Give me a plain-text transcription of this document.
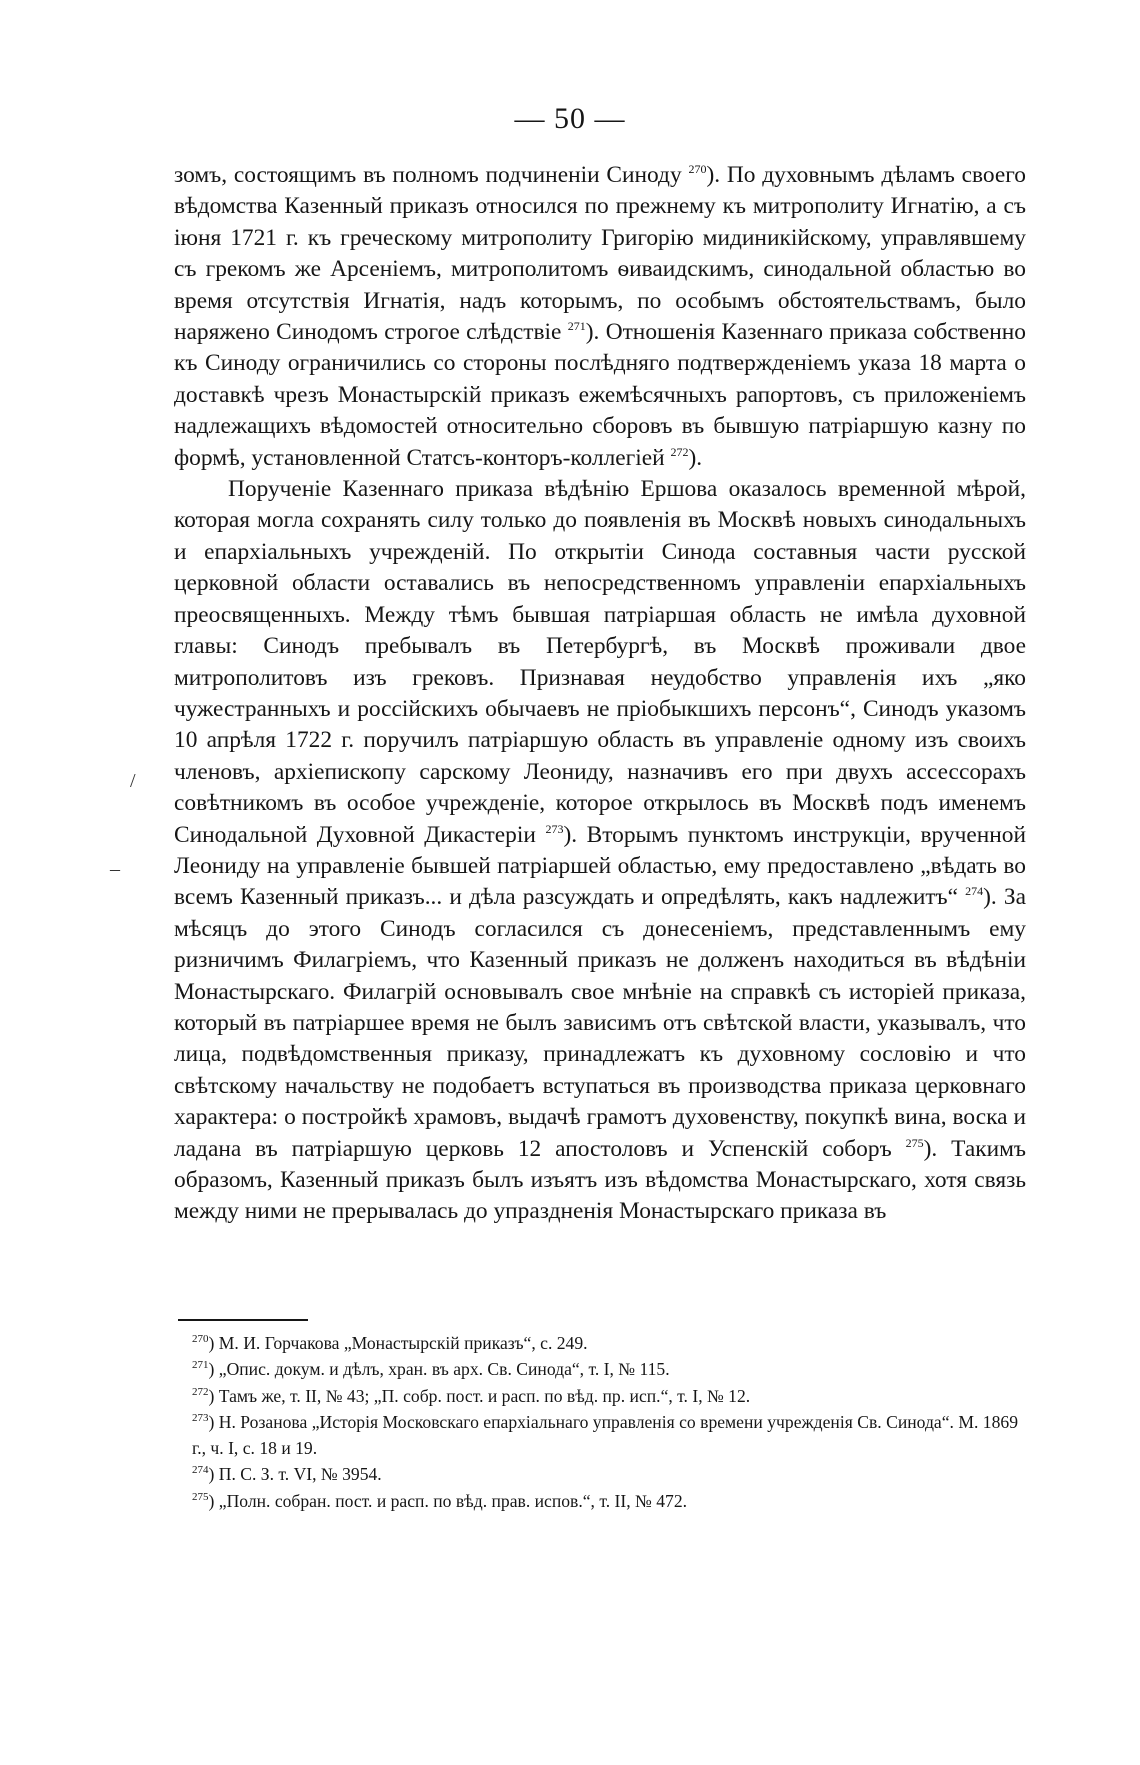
— 50 —

зомъ, состоящимъ въ полномъ подчиненіи Синоду $^{270}$). По духовнымъ дѣламъ своего вѣдомства Казенный приказъ относился по прежнему къ митрополиту Игнатію, а съ іюня 1721 г. къ греческому митрополиту Григорію мидиникійскому, управлявшему съ грекомъ же Арсеніемъ, митрополитомъ ѳиваидскимъ, синодальной областью во время отсутствія Игнатія, надъ которымъ, по особымъ обстоятельствамъ, было наряжено Синодомъ строгое слѣдствіе $^{271}$). Отношенія Казеннаго приказа собственно къ Синоду ограничились со стороны послѣдняго подтвержденіемъ указа 18 марта о доставкѣ чрезъ Монастырскій приказъ ежемѣсячныхъ рапортовъ, съ приложеніемъ надлежащихъ вѣдомостей относительно сборовъ въ бывшую патріаршую казну по формѣ, установленной Статсъ-конторъ-коллегіей $^{272}$).

Порученіе Казеннаго приказа вѣдѣнію Ершова оказалось временной мѣрой, которая могла сохранять силу только до появленія въ Москвѣ новыхъ синодальныхъ и епархіальныхъ учрежденій. По открытіи Синода составныя части русской церковной области оставались въ непосредственномъ управленіи епархіальныхъ преосвященныхъ. Между тѣмъ бывшая патріаршая область не имѣла духовной главы: Синодъ пребывалъ въ Петербургѣ, въ Москвѣ проживали двое митрополитовъ изъ грековъ. Признавая неудобство управленія ихъ „яко чужестранныхъ и россійскихъ обычаевъ не пріобыкшихъ персонъ“, Синодъ указомъ 10 апрѣля 1722 г. поручилъ патріаршую область въ управленіе одному изъ своихъ членовъ, архіепископу сарскому Леониду, назначивъ его при двухъ ассессорахъ совѣтникомъ въ особое учрежденіе, которое открылось въ Москвѣ подъ именемъ Синодальной Духовной Дикастеріи $^{273}$). Вторымъ пунктомъ инструкціи, врученной Леониду на управленіе бывшей патріаршей областью, ему предоставлено „вѣдать во всемъ Казенный приказъ... и дѣла разсуждать и опредѣлять, какъ надлежитъ“ $^{274}$). За мѣсяцъ до этого Синодъ согласился съ донесеніемъ, представленнымъ ему ризничимъ Филагріемъ, что Казенный приказъ не долженъ находиться въ вѣдѣніи Монастырскаго. Филагрій основывалъ свое мнѣніе на справкѣ съ исторіей приказа, который въ патріаршее время не былъ зависимъ отъ свѣтской власти, указывалъ, что лица, подвѣдомственныя приказу, принадлежатъ къ духовному сословію и что свѣтскому начальству не подобаетъ вступаться въ производства приказа церковнаго характера: о постройкѣ храмовъ, выдачѣ грамотъ духовенству, покупкѣ вина, воска и ладана въ патріаршую церковь 12 апостоловъ и Успенскій соборъ $^{275}$). Такимъ образомъ, Казенный приказъ былъ изъятъ изъ вѣдомства Монастырскаго, хотя связь между ними не прерывалась до упраздненія Монастырскаго приказа въ

/
–

$^{270}$) М. И. Горчакова „Монастырскій приказъ“, с. 249.

$^{271}$) „Опис. докум. и дѣлъ, хран. въ арх. Св. Синода“, т. I, № 115.

$^{272}$) Тамъ же, т. II, № 43; „П. собр. пост. и расп. по вѣд. пр. исп.“, т. I, № 12.

$^{273}$) Н. Розанова „Исторія Московскаго епархіальнаго управленія со времени учрежденія Св. Синода“. М. 1869 г., ч. I, с. 18 и 19.

$^{274}$) П. С. З. т. VI, № 3954.

$^{275}$) „Полн. собран. пост. и расп. по вѣд. прав. испов.“, т. II, № 472.
